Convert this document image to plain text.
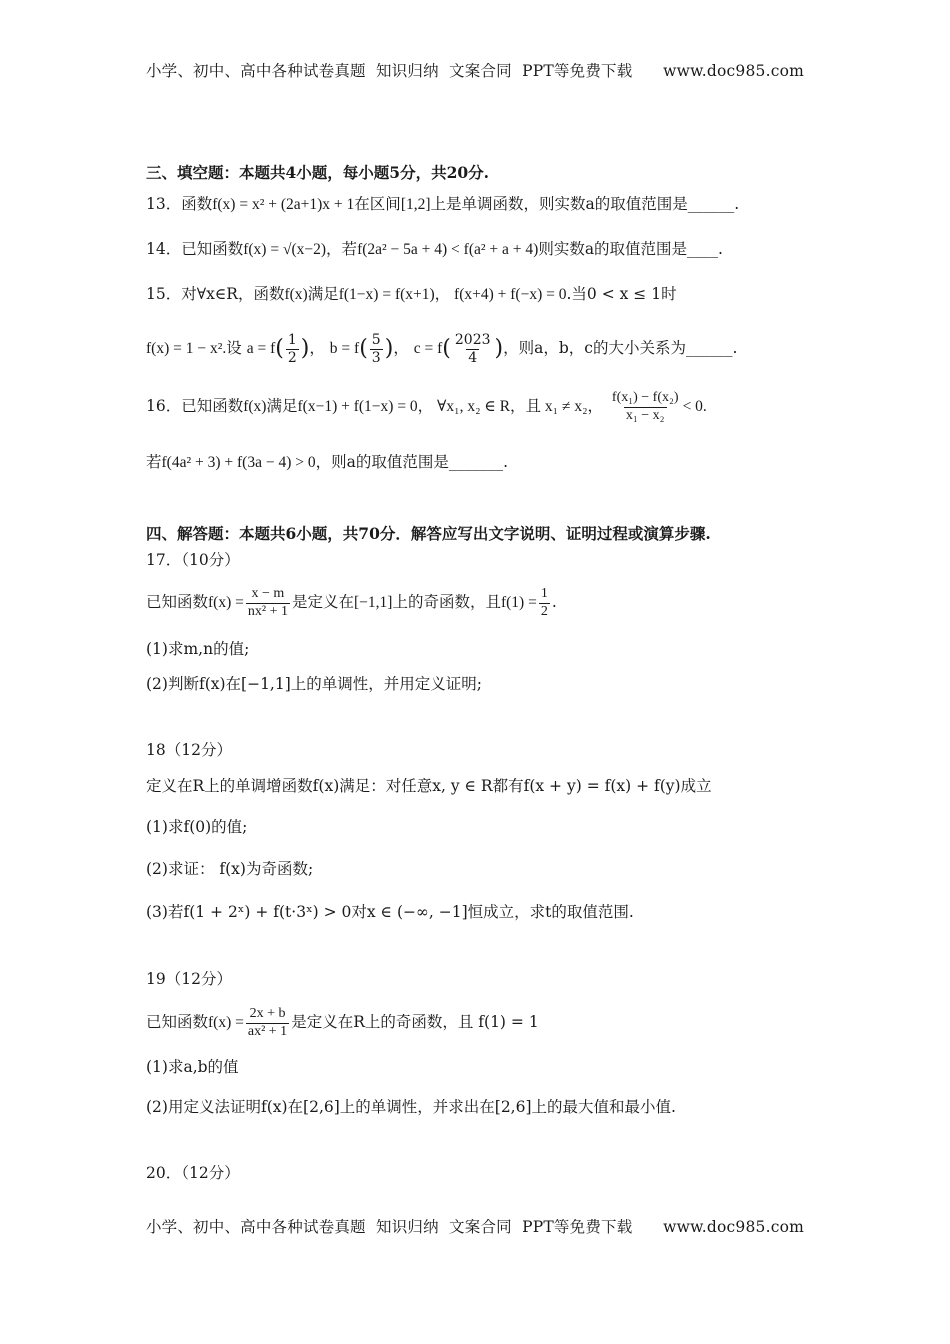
小学、初中、高中各种试卷真题  知识归纳  文案合同  PPT等免费下载      www.doc985.com
三、填空题：本题共4小题，每小题5分，共20分.
13．函数f(x) = x² + (2a+1)x + 1在区间[1,2]上是单调函数，则实数a的取值范围是______.
14．已知函数f(x) = √(x−2)，若f(2a² − 5a + 4) < f(a² + a + 4)则实数a的取值范围是____.
15．对∀x∈R，函数f(x)满足f(1−x) = f(x+1)， f(x+4) + f(−x) = 0.当0 < x ≤ 1时
f(x) = 1 − x².设 $a = f( \frac{1}{2}$ )， $b = f( \frac{5}{3}$ )， $c = f( \frac{2023}{4}$ )，则a，b，c的大小关系为______.
16．已知函数f(x)满足f(x−1) + f(1−x) = 0， ∀x₁, x₂ ∈ R，且 x₁ ≠ x₂， $\frac{\text{f(x₁) − f(x₂)}}{\text{x₁ − x₂}} < 0$.
若f(4a² + 3) + f(3a − 4) > 0，则a的取值范围是_______.
四、解答题：本题共6小题，共70分．解答应写出文字说明、证明过程或演算步骤.
17．（10分）
已知函数$f(x) = \frac{x - m}{\text{nx² + 1}}$ 是定义在[−1,1]上的奇函数，且$f(1) = \frac{1}{2}$ .
(1)求m,n的值;
(2)判断f(x)在[−1,1]上的单调性，并用定义证明;
18（12分）
定义在R上的单调增函数f(x)满足：对任意x, y ∈ R都有f(x + y) = f(x) + f(y)成立
(1)求f(0)的值;
(2)求证： f(x)为奇函数;
(3)若f(1 + 2ˣ) + f(t·3ˣ) > 0对x ∈ (−∞, −1]恒成立，求t的取值范围.
19（12分）
已知函数$f(x) = \frac{2x + b}{\text{ax² + 1}}$ 是定义在R上的奇函数，且 f(1) = 1
(1)求a,b的值
(2)用定义法证明f(x)在[2,6]上的单调性，并求出在[2,6]上的最大值和最小值.
20．（12分）
小学、初中、高中各种试卷真题  知识归纳  文案合同  PPT等免费下载      www.doc985.com
